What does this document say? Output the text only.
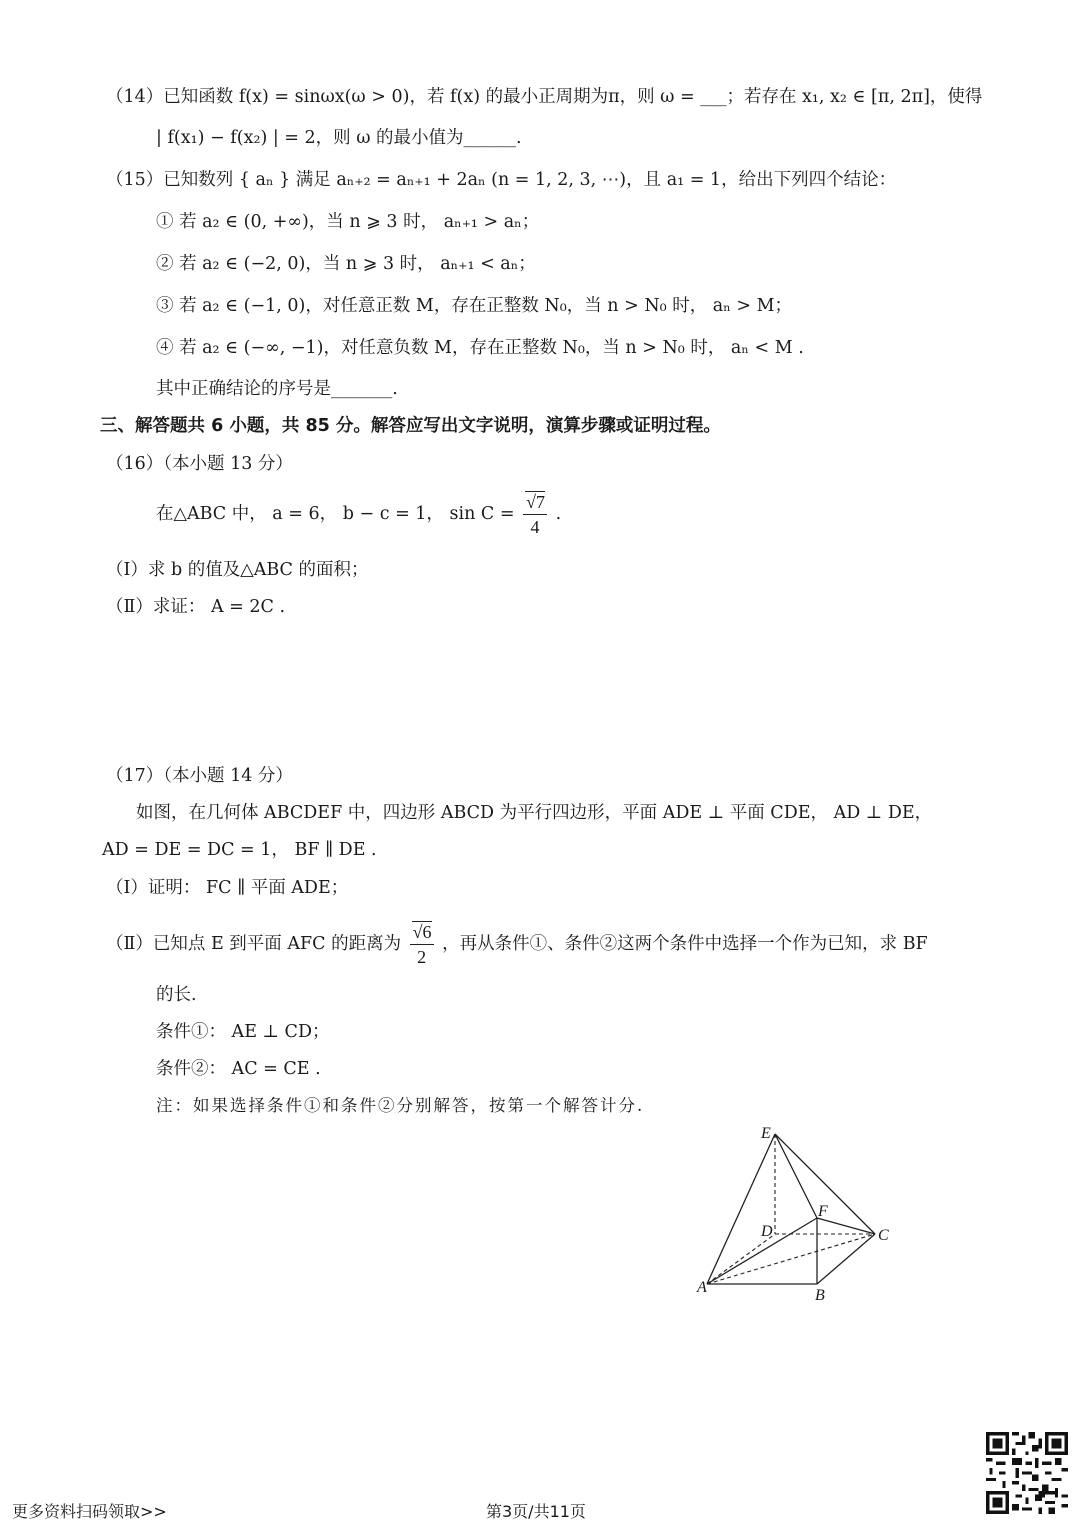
（14）已知函数 f(x) = sinωx(ω > 0)，若 f(x) 的最小正周期为π，则 ω = ___；若存在 x₁, x₂ ∈ [π, 2π]，使得
| f(x₁) − f(x₂) | = 2，则 ω 的最小值为______.
（15）已知数列 { aₙ } 满足 aₙ₊₂ = aₙ₊₁ + 2aₙ (n = 1, 2, 3, ⋯)，且 a₁ = 1，给出下列四个结论：
① 若 a₂ ∈ (0, +∞)，当 n ⩾ 3 时， aₙ₊₁ > aₙ；
② 若 a₂ ∈ (−2, 0)，当 n ⩾ 3 时， aₙ₊₁ < aₙ；
③ 若 a₂ ∈ (−1, 0)，对任意正数 M，存在正整数 N₀，当 n > N₀ 时， aₙ > M；
④ 若 a₂ ∈ (−∞, −1)，对任意负数 M，存在正整数 N₀，当 n > N₀ 时， aₙ < M .
其中正确结论的序号是_______.
三、解答题共 6 小题，共 85 分。解答应写出文字说明，演算步骤或证明过程。
（16）（本小题 13 分）
在△ABC 中， a = 6， b − c = 1， $\sin C = \frac{√7}{4}$ .
（Ⅰ）求 b 的值及△ABC 的面积；
（Ⅱ）求证： A = 2C .
（17）（本小题 14 分）
如图，在几何体 ABCDEF 中，四边形 ABCD 为平行四边形，平面 ADE ⊥ 平面 CDE， AD ⊥ DE，
AD = DE = DC = 1， BF ∥ DE .
（Ⅰ）证明： FC ∥ 平面 ADE；
（Ⅱ）已知点 E 到平面 AFC 的距离为 $\frac{√6}{2}$ ，再从条件①、条件②这两个条件中选择一个作为已知，求 BF
的长.
条件①： AE ⊥ CD；
条件②： AC = CE .
注：如果选择条件①和条件②分别解答，按第一个解答计分.
E
D
F
C
A	B
更多资料扫码领取>>	第3页/共11页
